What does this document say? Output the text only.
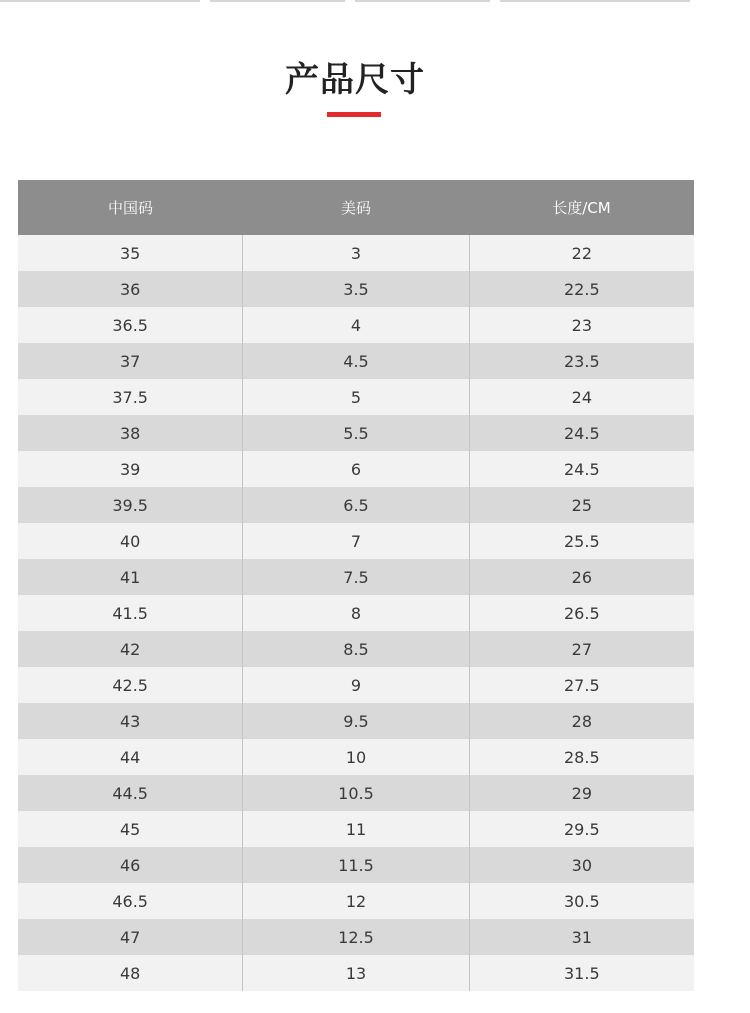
产品尺寸
中国码	美码	长度/CM
35	3	22
36	3.5	22.5
36.5	4	23
37	4.5	23.5
37.5	5	24
38	5.5	24.5
39	6	24.5
39.5	6.5	25
40	7	25.5
41	7.5	26
41.5	8	26.5
42	8.5	27
42.5	9	27.5
43	9.5	28
44	10	28.5
44.5	10.5	29
45	11	29.5
46	11.5	30
46.5	12	30.5
47	12.5	31
48	13	31.5
